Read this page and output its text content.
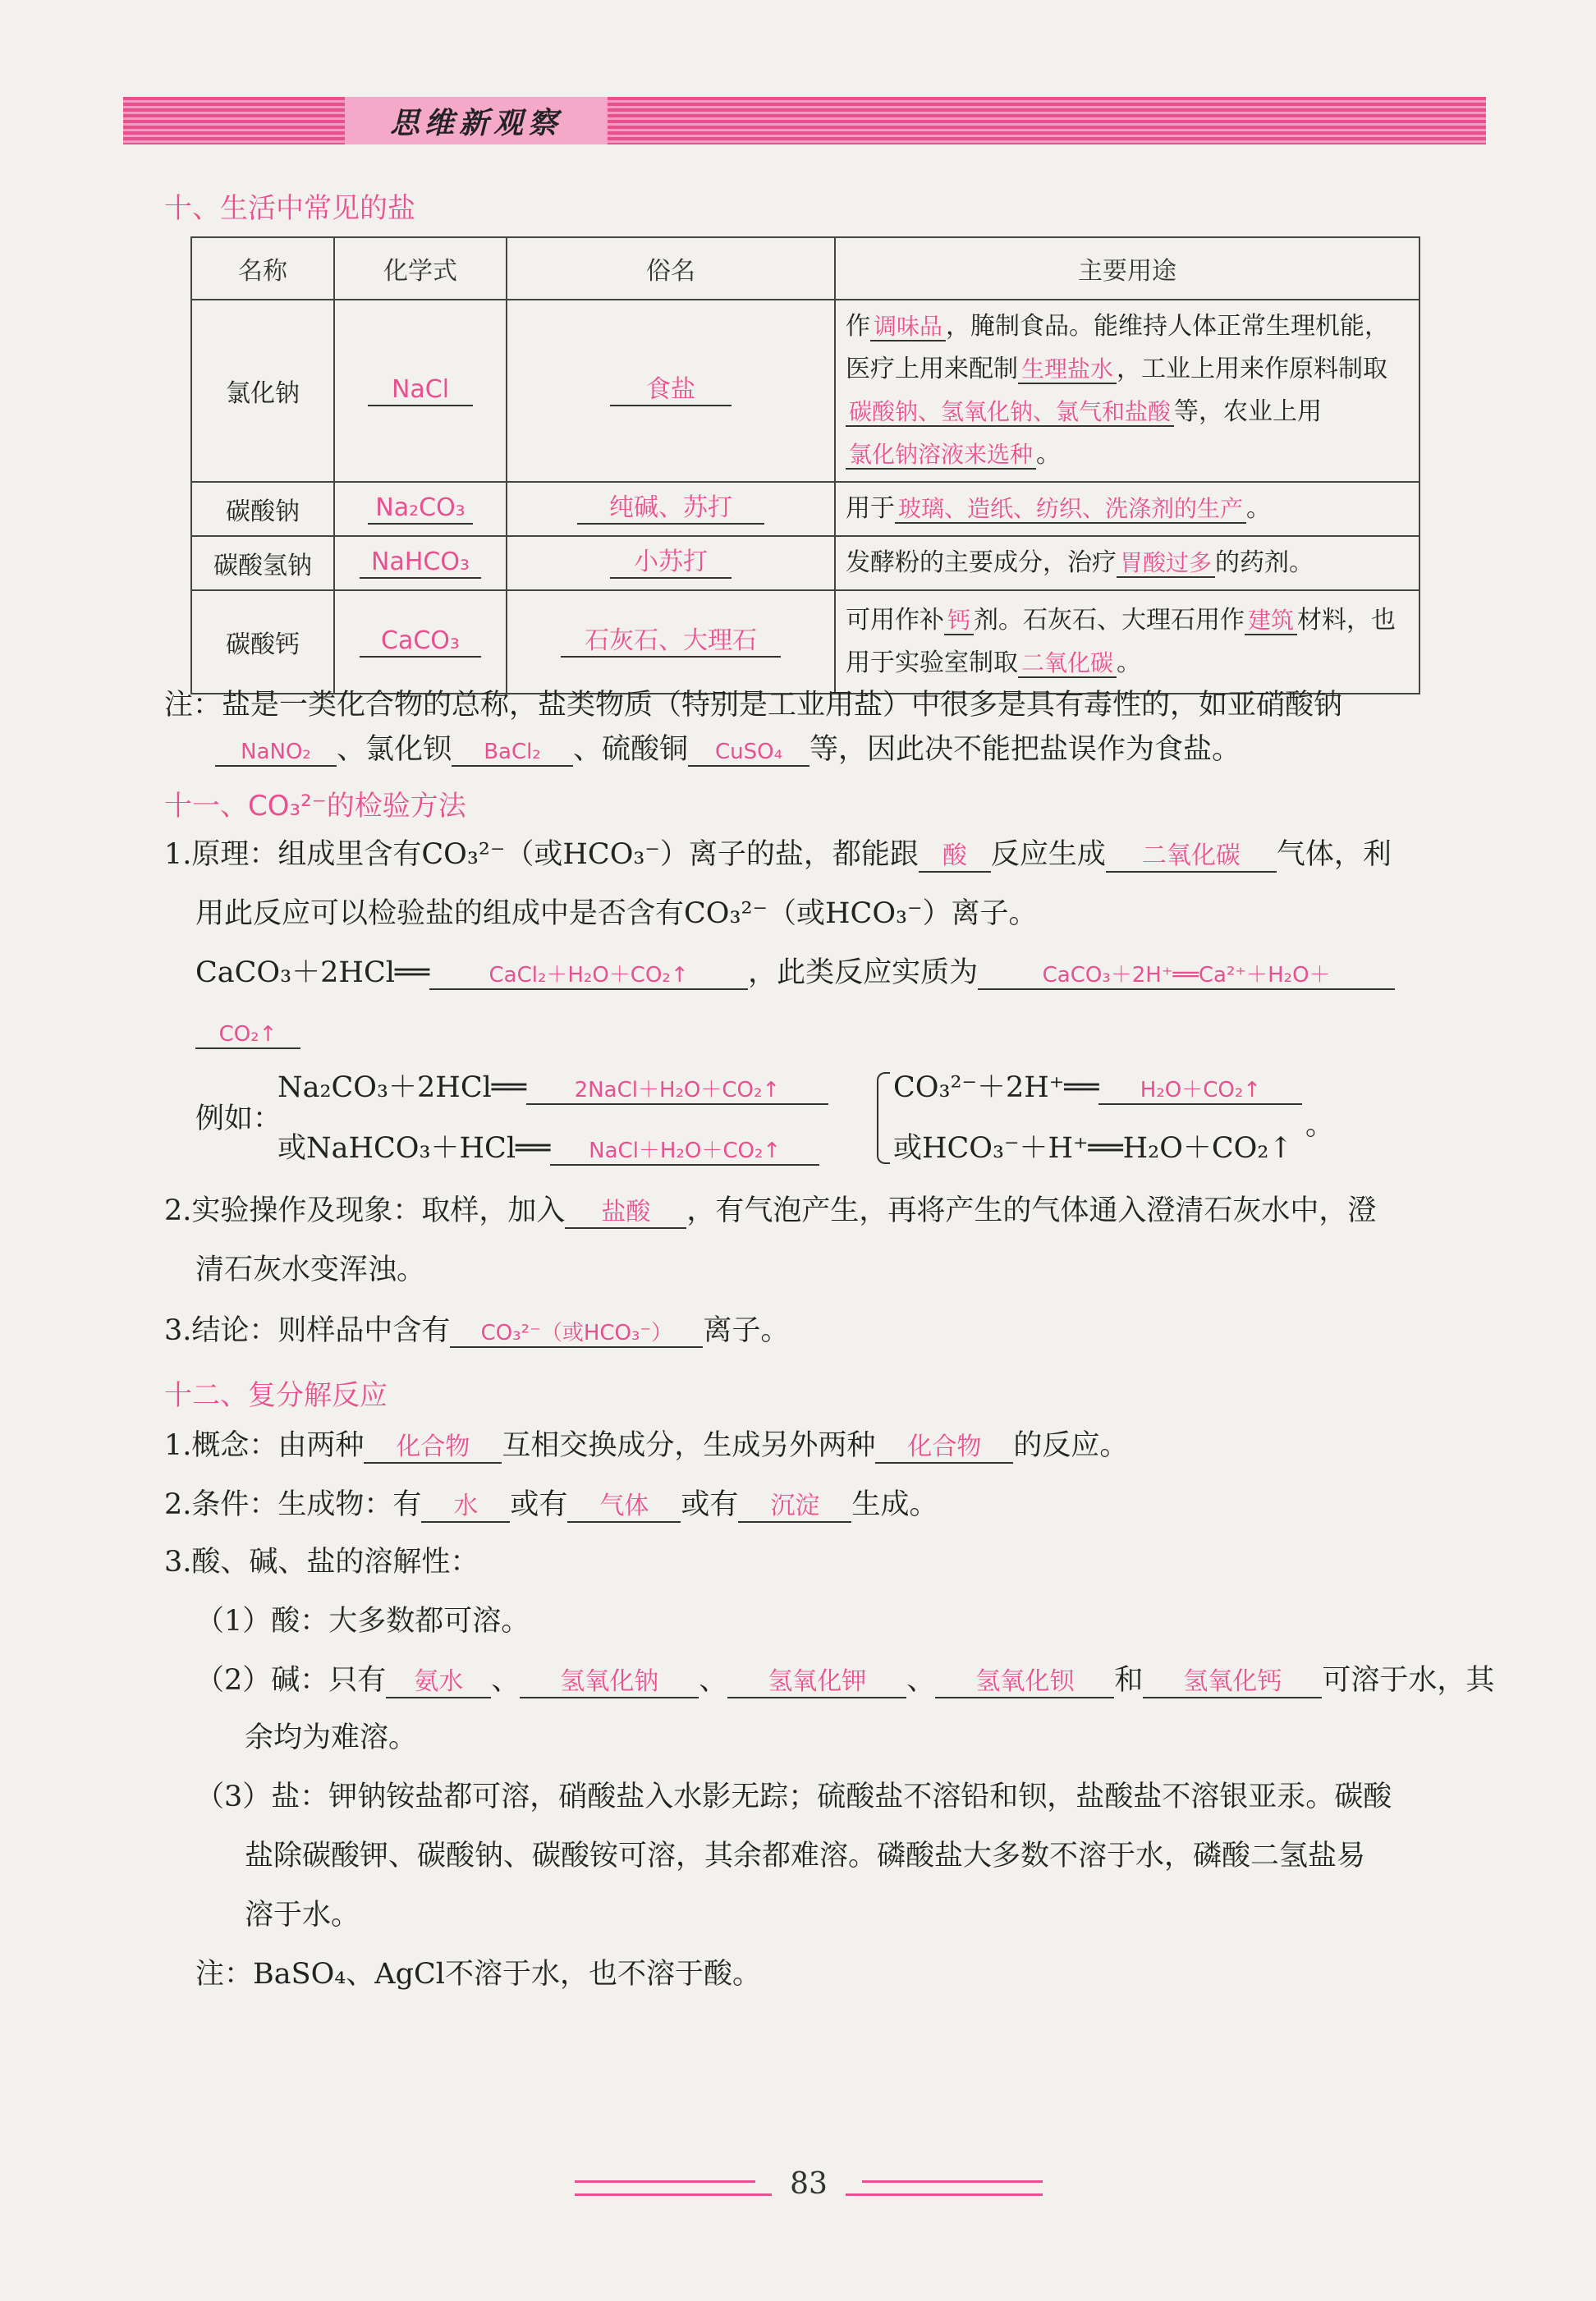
思维新观察
十、生活中常见的盐
名称	化学式	俗名	主要用途
氯化钠	NaCl	食盐	作 调味品 ，腌制食品。能维持人体正常生理机能，医疗上用来配制 生理盐水 ，工业上用来作原料制取碳酸钠、氢氧化钠、氯气和盐酸 等，农业上用氯化钠溶液来选种 。
碳酸钠	Na₂CO₃	纯碱、苏打	用于 玻璃、造纸、纺织、洗涤剂的生产 。
碳酸氢钠	NaHCO₃	小苏打	发酵粉的主要成分，治疗 胃酸过多 的药剂。
碳酸钙	CaCO₃	石灰石、大理石	可用作补 钙 剂。石灰石、大理石用作 建筑 材料，也用于实验室制取 二氧化碳 。
注：盐是一类化合物的总称，盐类物质（特别是工业用盐）中很多是具有毒性的，如亚硝酸钠
NaNO₂ 、氯化钡 BaCl₂ 、硫酸铜 CuSO₄ 等，因此决不能把盐误作为食盐。
十一、CO₃²⁻的检验方法
1.原理：组成里含有CO₃²⁻（或HCO₃⁻）离子的盐，都能跟 酸 反应生成 二氧化碳 气体，利
用此反应可以检验盐的组成中是否含有CO₃²⁻（或HCO₃⁻）离子。
CaCO₃＋2HCl══	CaCl₂＋H₂O＋CO₂↑ ，此类反应实质为	CaCO₃＋2H⁺══Ca²⁺＋H₂O＋
CO₂↑
例如：
Na₂CO₃＋2HCl══ 2NaCl＋H₂O＋CO₂↑
或NaHCO₃＋HCl══ NaCl＋H₂O＋CO₂↑
CO₃²⁻＋2H⁺══ H₂O＋CO₂↑
或HCO₃⁻＋H⁺══H₂O＋CO₂↑
。
2.实验操作及现象：取样，加入 盐酸 ，有气泡产生，再将产生的气体通入澄清石灰水中，澄
清石灰水变浑浊。
3.结论：则样品中含有 CO₃²⁻（或HCO₃⁻） 离子。
十二、复分解反应
1.概念：由两种 化合物 互相交换成分，生成另外两种 化合物 的反应。
2.条件：生成物：有 水 或有 气体 或有 沉淀 生成。
3.酸、碱、盐的溶解性：
（1）酸：大多数都可溶。
（2）碱：只有 氨水 、 氢氧化钠 、 氢氧化钾 、 氢氧化钡 和 氢氧化钙 可溶于水，其
余均为难溶。
（3）盐：钾钠铵盐都可溶，硝酸盐入水影无踪；硫酸盐不溶铅和钡，盐酸盐不溶银亚汞。碳酸
盐除碳酸钾、碳酸钠、碳酸铵可溶，其余都难溶。磷酸盐大多数不溶于水，磷酸二氢盐易
溶于水。
注：BaSO₄、AgCl不溶于水，也不溶于酸。
83
